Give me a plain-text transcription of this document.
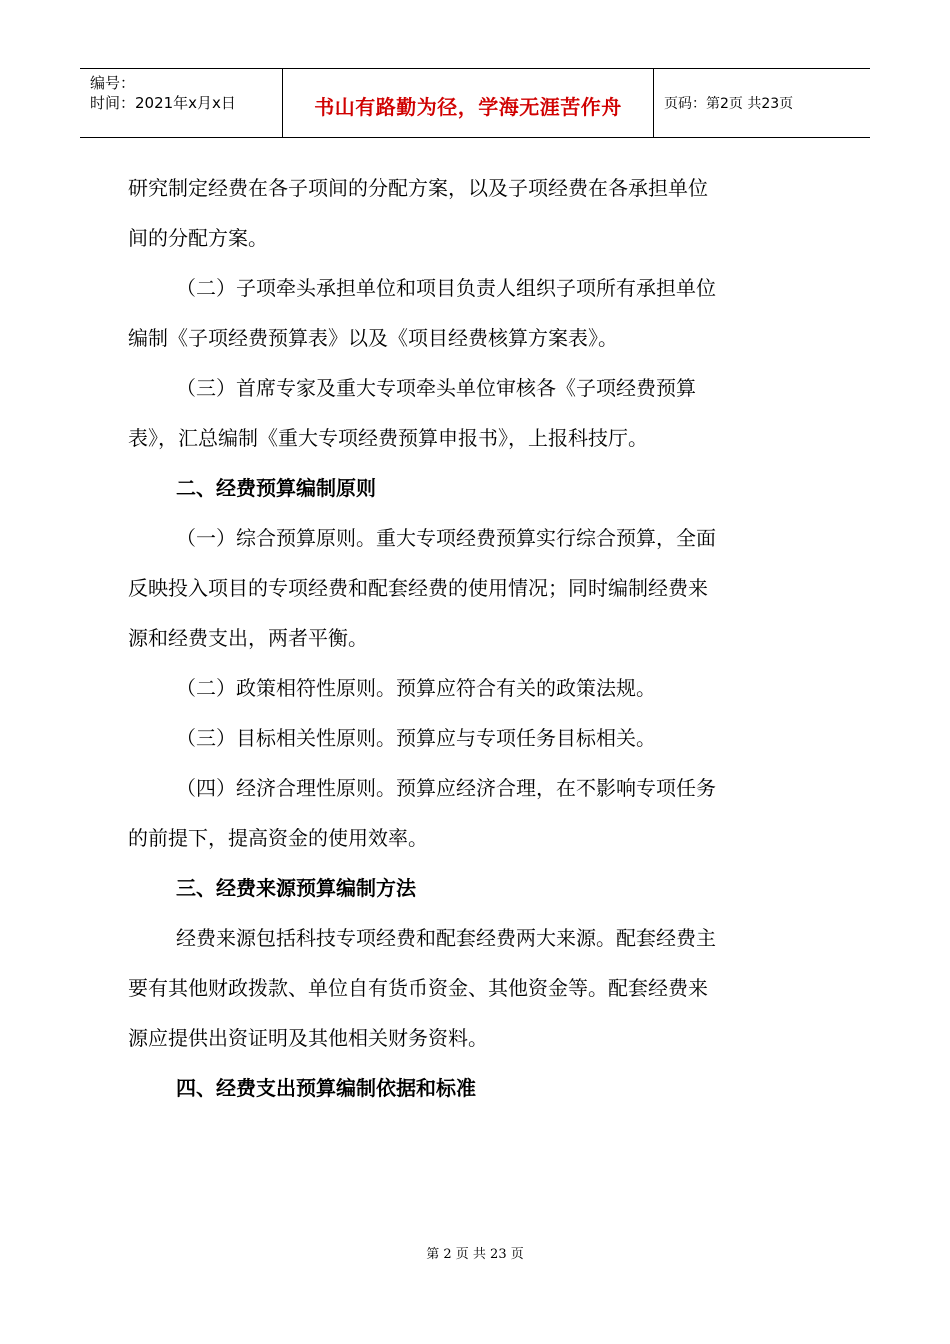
编号：
时间：2021年x月x日	书山有路勤为径，学海无涯苦作舟	页码：第2页 共23页
研究制定经费在各子项间的分配方案，以及子项经费在各承担单位
间的分配方案。
（二）子项牵头承担单位和项目负责人组织子项所有承担单位
编制《子项经费预算表》以及《项目经费核算方案表》。
（三）首席专家及重大专项牵头单位审核各《子项经费预算
表》，汇总编制《重大专项经费预算申报书》，上报科技厅。
二、经费预算编制原则
（一）综合预算原则。重大专项经费预算实行综合预算，全面
反映投入项目的专项经费和配套经费的使用情况；同时编制经费来
源和经费支出，两者平衡。
（二）政策相符性原则。预算应符合有关的政策法规。
（三）目标相关性原则。预算应与专项任务目标相关。
（四）经济合理性原则。预算应经济合理，在不影响专项任务
的前提下，提高资金的使用效率。
三、经费来源预算编制方法
经费来源包括科技专项经费和配套经费两大来源。配套经费主
要有其他财政拨款、单位自有货币资金、其他资金等。配套经费来
源应提供出资证明及其他相关财务资料。
四、经费支出预算编制依据和标准
第 2 页 共 23 页
